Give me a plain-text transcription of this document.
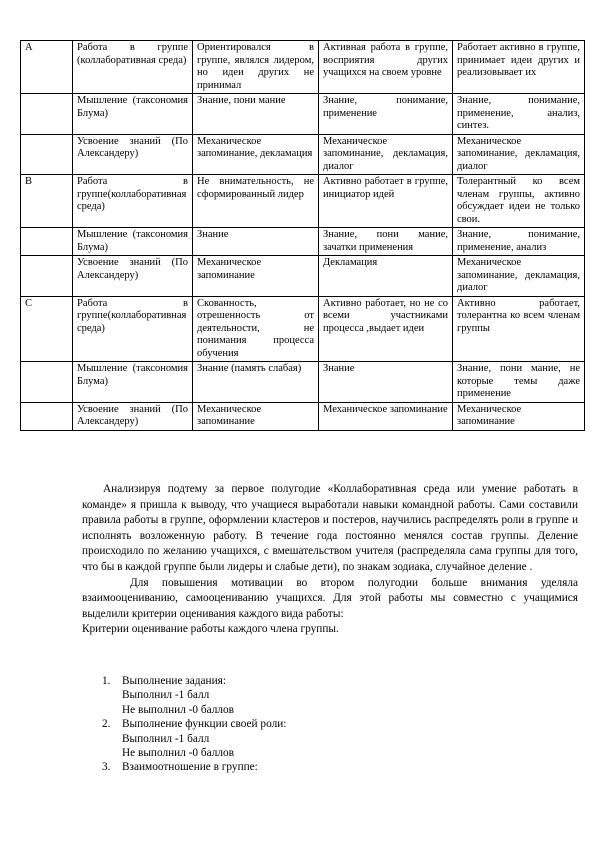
A	Работа в группе (коллаборативная среда)	Ориентировался в группе, являлся лидером, но идеи других не принимал	Активная работа в группе, восприятия других учащихся на своем уровне	Работает активно в группе, принимает идеи других и реализовывает их
	Мышление (таксономия Блума)	Знание, пони мание	Знание, понимание, применение	Знание, понимание, применение, анализ, синтез.
	Усвоение знаний (По Александеру)	Механическое запоминание, декламация	Механическое запоминание, декламация, диалог	Механическое запоминание, декламация, диалог
B	Работа в группе(коллаборативная среда)	Не внимательность, не сформированный лидер	Активно работает в группе, инициатор идей	Толерантный ко всем членам группы, активно обсуждает идеи не только свои.
	Мышление (таксономия Блума)	Знание	Знание, пони мание, зачатки применения	Знание, понимание, применение, анализ
	Усвоение знаний (По Александеру)	Механическое запоминание	Декламация	Механическое запоминание, декламация, диалог
C	Работа в группе(коллаборативная среда)	Скованность, отрешенность от деятельности, не понимания процесса обучения	Активно работает, но не со всеми участниками процесса ,выдает идеи	Активно работает, толерантна ко всем членам группы
	Мышление (таксономия Блума)	Знание (память слабая)	Знание	Знание, пони мание, не которые темы даже применение
	Усвоение знаний (По Александеру)	Механическое запоминание	Механическое запоминание	Механическое запоминание

Анализируя подтему за первое полугодие «Коллаборативная среда или умение работать в команде» я пришла к выводу, что учащиеся выработали навыки командной работы. Сами составили правила работы в группе, оформлении кластеров и постеров, научились распределять роли в группе и исполнять возложенную работу. В течение года постоянно менялся состав группы. Деление происходило по желанию учащихся, с вмешательством учителя (распределяла сама группы для того, что бы в каждой группе были лидеры и слабые дети), по знакам зодиака, случайное деление .

Для повышения мотивации во втором полугодии больше внимания уделяла взаимооцениванию, самооцениванию учащихся. Для этой работы мы совместно с учащимися выделили критерии оценивания каждого вида работы:

Критерии оценивание работы каждого члена группы.

1. Выполнение задания:
Выполнил -1 балл
Не выполнил -0 баллов
2. Выполнение функции своей роли:
Выполнил -1 балл
Не выполнил -0 баллов
3. Взаимоотношение в группе:
